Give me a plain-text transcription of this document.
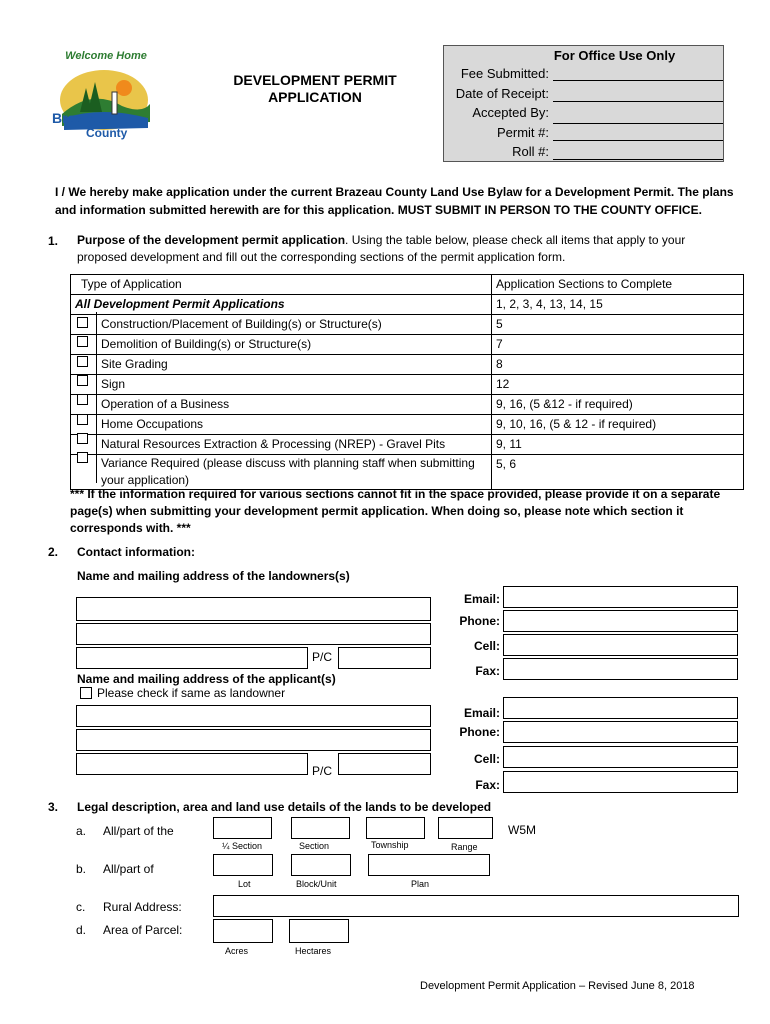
Welcome Home
Brazeau
County
DEVELOPMENT PERMIT
APPLICATION
For Office Use Only
Fee Submitted:
Date of Receipt:
Accepted By:
Permit #:
Roll #:
I / We hereby make application under the current Brazeau County Land Use Bylaw for a Development Permit. The plans
and information submitted herewith are for this application. MUST SUBMIT IN PERSON TO THE COUNTY OFFICE.
1. Purpose of the development permit application. Using the table below, please check all items that apply to your
proposed development and fill out the corresponding sections of the permit application form.
Type of Application	Application Sections to Complete
All Development Permit Applications	1, 2, 3, 4, 13, 14, 15
Construction/Placement of Building(s) or Structure(s)	5
Demolition of Building(s) or Structure(s)	7
Site Grading	8
Sign	12
Operation of a Business	9, 16, (5 &12 - if required)
Home Occupations	9, 10, 16, (5 & 12 - if required)
Natural Resources Extraction & Processing (NREP) - Gravel Pits	9, 11
Variance Required (please discuss with planning staff when submitting your application)	5, 6
*** If the information required for various sections cannot fit in the space provided, please provide it on a separate
page(s) when submitting your development permit application. When doing so, please note which section it
corresponds with. ***
2. Contact information:
Name and mailing address of the landowners(s)
P/C
Email:
Phone:
Cell:
Fax:
Name and mailing address of the applicant(s)
Please check if same as landowner
P/C
Email:
Phone:
Cell:
Fax:
3. Legal description, area and land use details of the lands to be developed
a. All/part of the	W5M
¼ Section	Section	Township	Range
b. All/part of
Lot	Block/Unit	Plan
c. Rural Address:
d. Area of Parcel:
Acres	Hectares
Development Permit Application – Revised June 8, 2018
